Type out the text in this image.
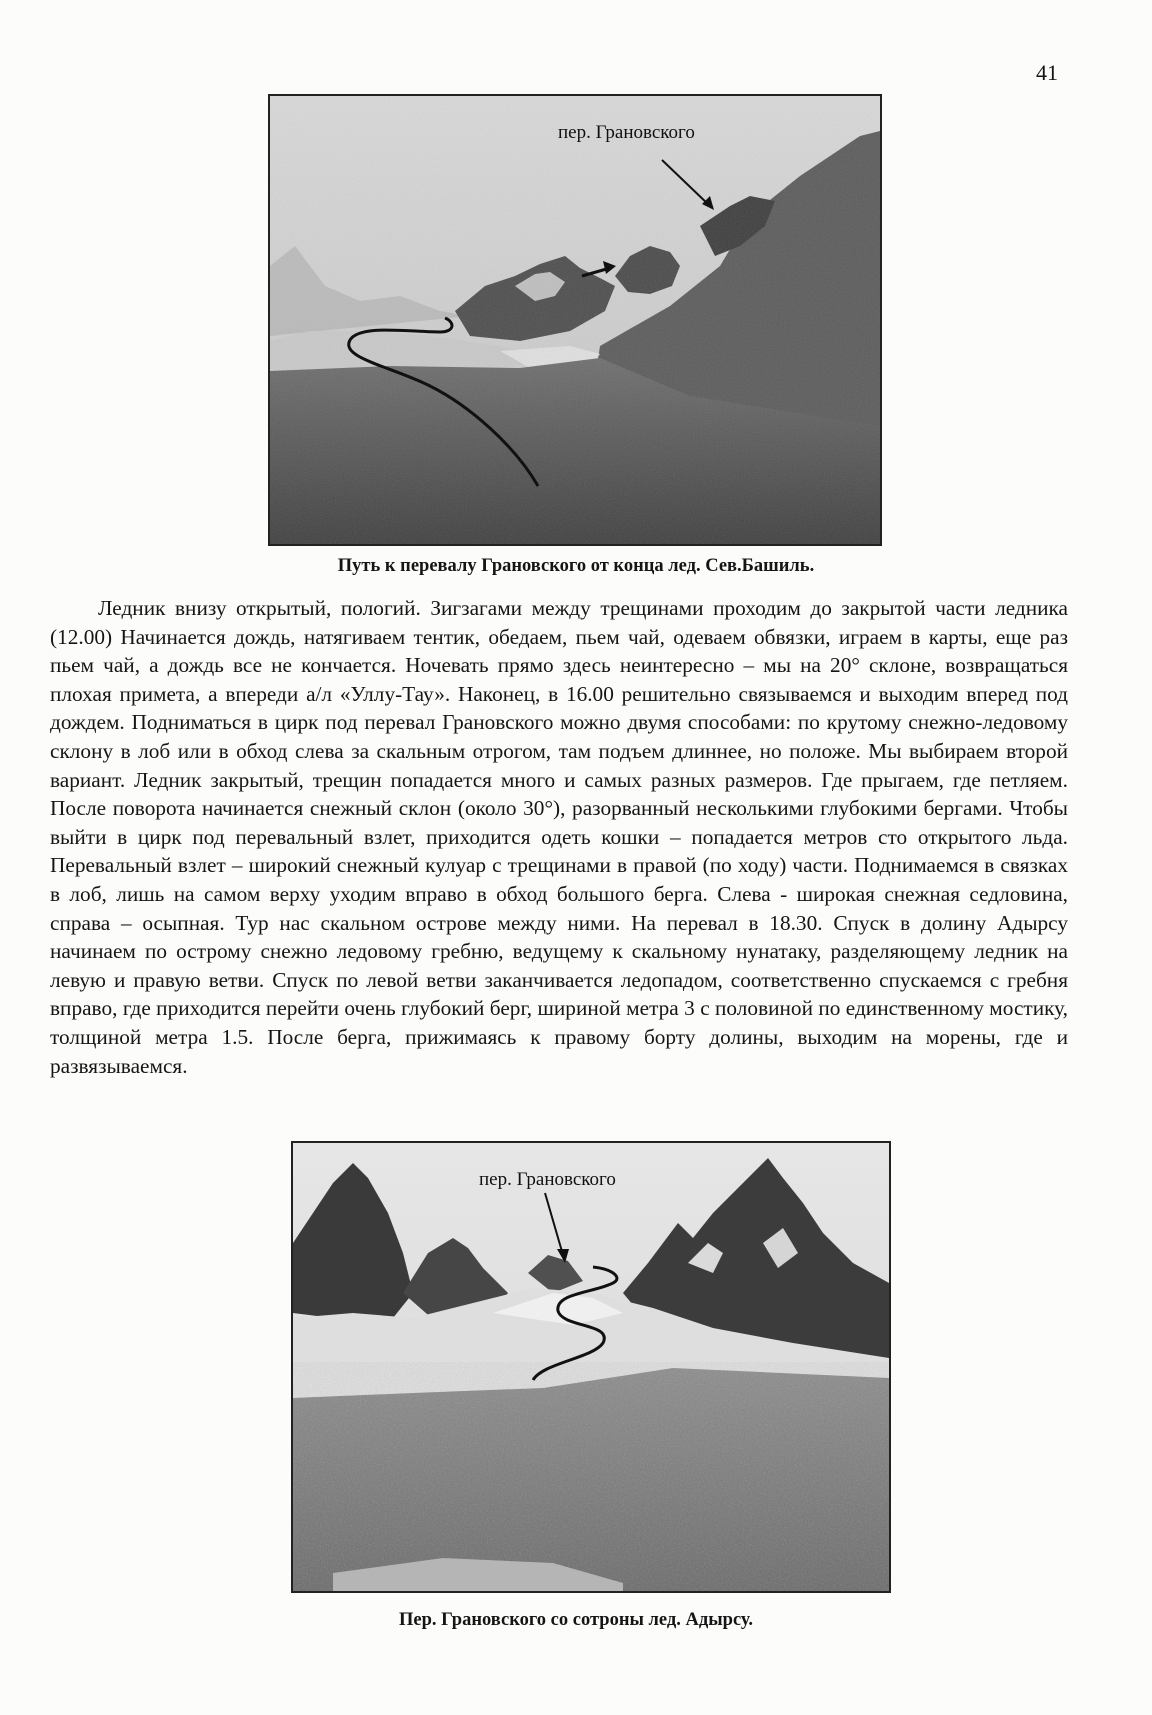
41
пер. Грановского
Путь к перевалу Грановского от конца лед. Сев.Башиль.

Ледник внизу открытый, пологий. Зигзагами между трещинами проходим до закрытой части ледника (12.00) Начинается дождь, натягиваем тентик, обедаем, пьем чай, одеваем обвязки, играем в карты, еще раз пьем чай, а дождь все не кончается. Ночевать прямо здесь неинтересно – мы на 20° склоне, возвращаться плохая примета, а впереди а/л «Уллу-Тау». Наконец, в 16.00 решительно связываемся и выходим вперед под дождем. Подниматься в цирк под перевал Грановского можно двумя способами: по крутому снежно-ледовому склону в лоб или в обход слева за скальным отрогом, там подъем длиннее, но положе. Мы выбираем второй вариант. Ледник закрытый, трещин попадается много и самых разных размеров. Где прыгаем, где петляем. После поворота начинается снежный склон (около 30°), разорванный несколькими глубокими бергами. Чтобы выйти в цирк под перевальный взлет, приходится одеть кошки – попадается метров сто открытого льда. Перевальный взлет – широкий снежный кулуар с трещинами в правой (по ходу) части. Поднимаемся в связках в лоб, лишь на самом верху уходим вправо в обход большого берга. Слева - широкая снежная седловина, справа – осыпная. Тур нас скальном острове между ними. На перевал в 18.30. Спуск в долину Адырсу начинаем по острому снежно ледовому гребню, ведущему к скальному нунатаку, разделяющему ледник на левую и правую ветви. Спуск по левой ветви заканчивается ледопадом, соответственно спускаемся с гребня вправо, где приходится перейти очень глубокий берг, шириной метра 3 с половиной по единственному мостику, толщиной метра 1.5. После берга, прижимаясь к правому борту долины, выходим на морены, где и развязываемся.

пер. Грановского
Пер. Грановского со сотроны лед. Адырсу.
